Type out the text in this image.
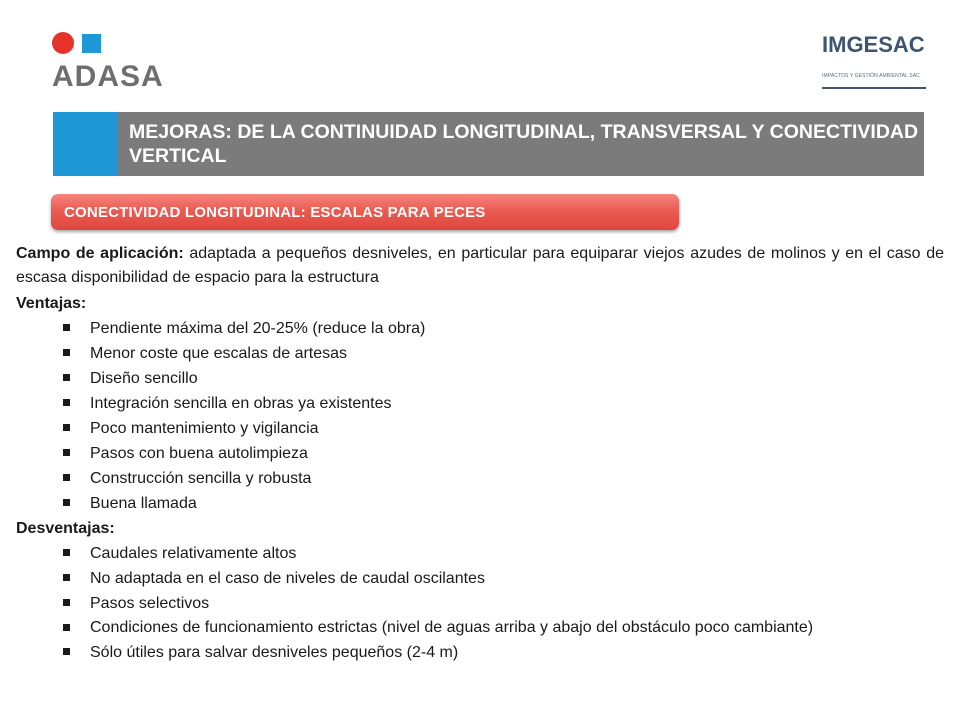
ADASA
IMGESAC
IMPACTOS Y GESTIÓN AMBIENTAL SAC
MEJORAS: DE LA CONTINUIDAD LONGITUDINAL, TRANSVERSAL Y CONECTIVIDAD VERTICAL
CONECTIVIDAD LONGITUDINAL: ESCALAS PARA PECES

Campo de aplicación: adaptada a pequeños desniveles, en particular para equiparar viejos azudes de molinos y en el caso de escasa disponibilidad de espacio para la estructura

Ventajas:
Pendiente máxima del 20-25% (reduce la obra)
Menor coste que escalas de artesas
Diseño sencillo
Integración sencilla en obras ya existentes
Poco mantenimiento y vigilancia
Pasos con buena autolimpieza
Construcción sencilla y robusta
Buena llamada
Desventajas:
Caudales relativamente altos
No adaptada en el caso de niveles de caudal oscilantes
Pasos selectivos
Condiciones de funcionamiento estrictas (nivel de aguas arriba y abajo del obstáculo poco cambiante)
Sólo útiles para salvar desniveles pequeños (2-4 m)
